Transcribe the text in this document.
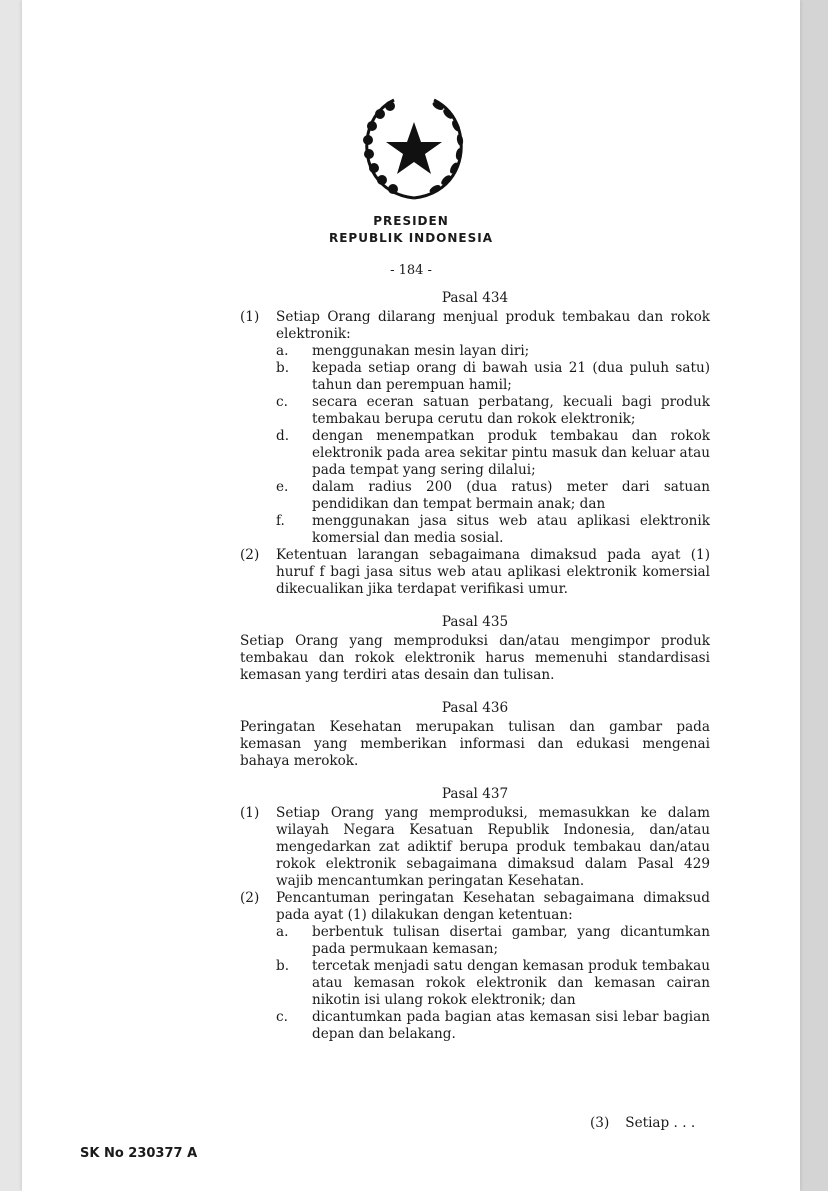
PRESIDEN
REPUBLIK INDONESIA
- 184 -

Pasal 434

(1)	Setiap Orang dilarang menjual produk tembakau dan rokok elektronik:
a.	menggunakan mesin layan diri;
b.	kepada setiap orang di bawah usia 21 (dua puluh satu) tahun dan perempuan hamil;
c.	secara eceran satuan perbatang, kecuali bagi produk tembakau berupa cerutu dan rokok elektronik;
d.	dengan menempatkan produk tembakau dan rokok elektronik pada area sekitar pintu masuk dan keluar atau pada tempat yang sering dilalui;
e.	dalam radius 200 (dua ratus) meter dari satuan pendidikan dan tempat bermain anak; dan
f.	menggunakan jasa situs web atau aplikasi elektronik komersial dan media sosial.
(2)	Ketentuan larangan sebagaimana dimaksud pada ayat (1) huruf f bagi jasa situs web atau aplikasi elektronik komersial dikecualikan jika terdapat verifikasi umur.

Pasal 435

Setiap Orang yang memproduksi dan/atau mengimpor produk tembakau dan rokok elektronik harus memenuhi standardisasi kemasan yang terdiri atas desain dan tulisan.

Pasal 436

Peringatan Kesehatan merupakan tulisan dan gambar pada kemasan yang memberikan informasi dan edukasi mengenai bahaya merokok.

Pasal 437

(1)	Setiap Orang yang memproduksi, memasukkan ke dalam wilayah Negara Kesatuan Republik Indonesia, dan/atau mengedarkan zat adiktif berupa produk tembakau dan/atau rokok elektronik sebagaimana dimaksud dalam Pasal 429 wajib mencantumkan peringatan Kesehatan.
(2)	Pencantuman peringatan Kesehatan sebagaimana dimaksud pada ayat (1) dilakukan dengan ketentuan:
a.	berbentuk tulisan disertai gambar, yang dicantumkan pada permukaan kemasan;
b.	tercetak menjadi satu dengan kemasan produk tembakau atau kemasan rokok elektronik dan kemasan cairan nikotin isi ulang rokok elektronik; dan
c.	dicantumkan pada bagian atas kemasan sisi lebar bagian depan dan belakang.
(3) Setiap . . .
SK No 230377 A
